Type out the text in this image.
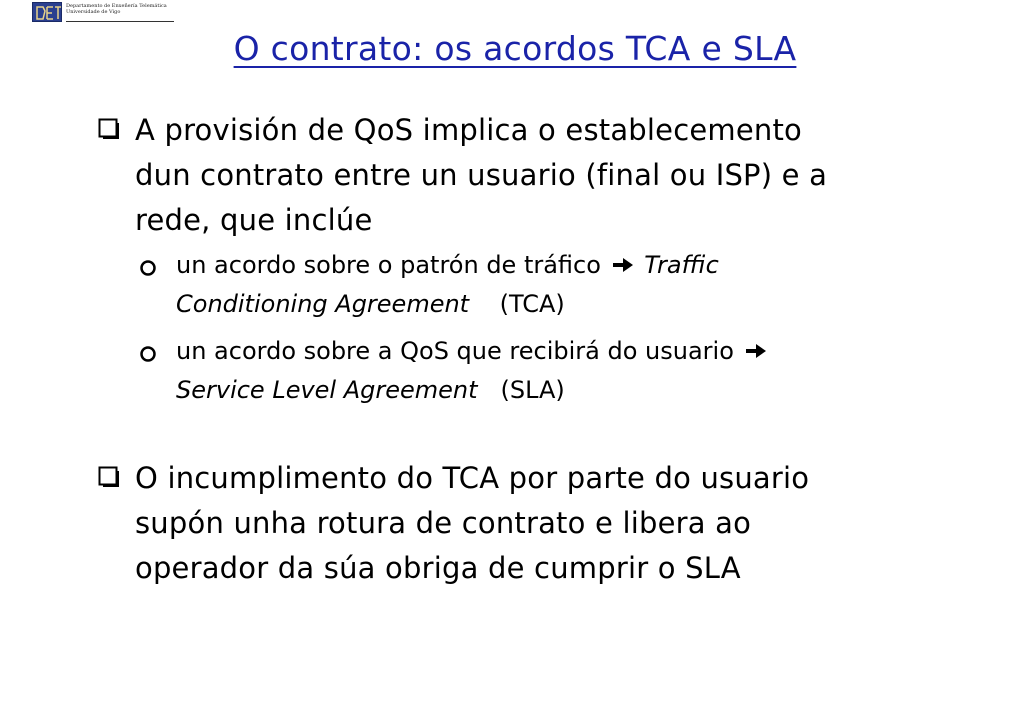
Departamento de Enxeñería Telemática
Universidade de Vigo
O contrato: os acordos TCA e SLA
A provisión de QoS implica o establecemento
dun contrato entre un usuario (final ou ISP) e a
rede, que inclúe
un acordo sobre o patrón de tráfico Traffic
Conditioning Agreement (TCA)
un acordo sobre a QoS que recibirá do usuario
Service Level Agreement (SLA)
O incumplimento do TCA por parte do usuario
supón unha rotura de contrato e libera ao
operador da súa obriga de cumprir o SLA
